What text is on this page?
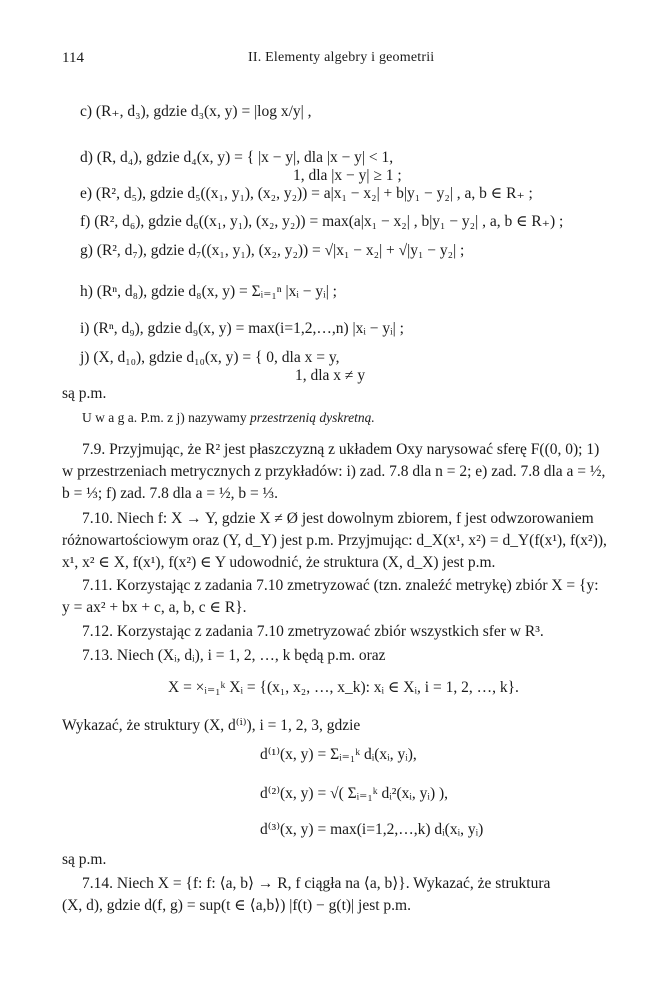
114	II. Elementy algebry i geometrii
c) (R₊, d₃), gdzie d₃(x, y) = |log x/y| ,
d) (R, d₄), gdzie d₄(x, y) = { |x − y|, dla |x − y| < 1,
1, dla |x − y| ≥ 1 ;
e) (R², d₅), gdzie d₅((x₁, y₁), (x₂, y₂)) = a|x₁ − x₂| + b|y₁ − y₂| , a, b ∈ R₊ ;
f) (R², d₆), gdzie d₆((x₁, y₁), (x₂, y₂)) = max(a|x₁ − x₂| , b|y₁ − y₂| , a, b ∈ R₊) ;
g) (R², d₇), gdzie d₇((x₁, y₁), (x₂, y₂)) = √|x₁ − x₂| + √|y₁ − y₂| ;
h) (Rⁿ, d₈), gdzie d₈(x, y) = Σᵢ₌₁ⁿ |xᵢ − yᵢ| ;
i) (Rⁿ, d₉), gdzie d₉(x, y) = max(i=1,2,…,n) |xᵢ − yᵢ| ;
j) (X, d₁₀), gdzie d₁₀(x, y) = { 0, dla x = y,
1, dla x ≠ y
są p.m.
U w a g a. P.m. z j) nazywamy przestrzenią dyskretną.
7.9. Przyjmując, że R² jest płaszczyzną z układem Oxy narysować sferę F((0, 0); 1)
w przestrzeniach metrycznych z przykładów: i) zad. 7.8 dla n = 2; e) zad. 7.8 dla a = ½,
b = ⅓; f) zad. 7.8 dla a = ½, b = ⅓.
7.10. Niech f: X → Y, gdzie X ≠ Ø jest dowolnym zbiorem, f jest odwzorowaniem
różnowartościowym oraz (Y, d_Y) jest p.m. Przyjmując: d_X(x¹, x²) = d_Y(f(x¹), f(x²)),
x¹, x² ∈ X, f(x¹), f(x²) ∈ Y udowodnić, że struktura (X, d_X) jest p.m.
7.11. Korzystając z zadania 7.10 zmetryzować (tzn. znaleźć metrykę) zbiór X = {y:
y = ax² + bx + c, a, b, c ∈ R}.
7.12. Korzystając z zadania 7.10 zmetryzować zbiór wszystkich sfer w R³.
7.13. Niech (Xᵢ, dᵢ), i = 1, 2, …, k będą p.m. oraz
X = ×ᵢ₌₁ᵏ Xᵢ = {(x₁, x₂, …, x_k): xᵢ ∈ Xᵢ, i = 1, 2, …, k}.
Wykazać, że struktury (X, d⁽ⁱ⁾), i = 1, 2, 3, gdzie
d⁽¹⁾(x, y) = Σᵢ₌₁ᵏ dᵢ(xᵢ, yᵢ),
d⁽²⁾(x, y) = √( Σᵢ₌₁ᵏ dᵢ²(xᵢ, yᵢ) ),
d⁽³⁾(x, y) = max(i=1,2,…,k) dᵢ(xᵢ, yᵢ)
są p.m.
7.14. Niech X = {f: f: ⟨a, b⟩ → R, f ciągła na ⟨a, b⟩}. Wykazać, że struktura
(X, d), gdzie d(f, g) = sup(t ∈ ⟨a,b⟩) |f(t) − g(t)| jest p.m.
